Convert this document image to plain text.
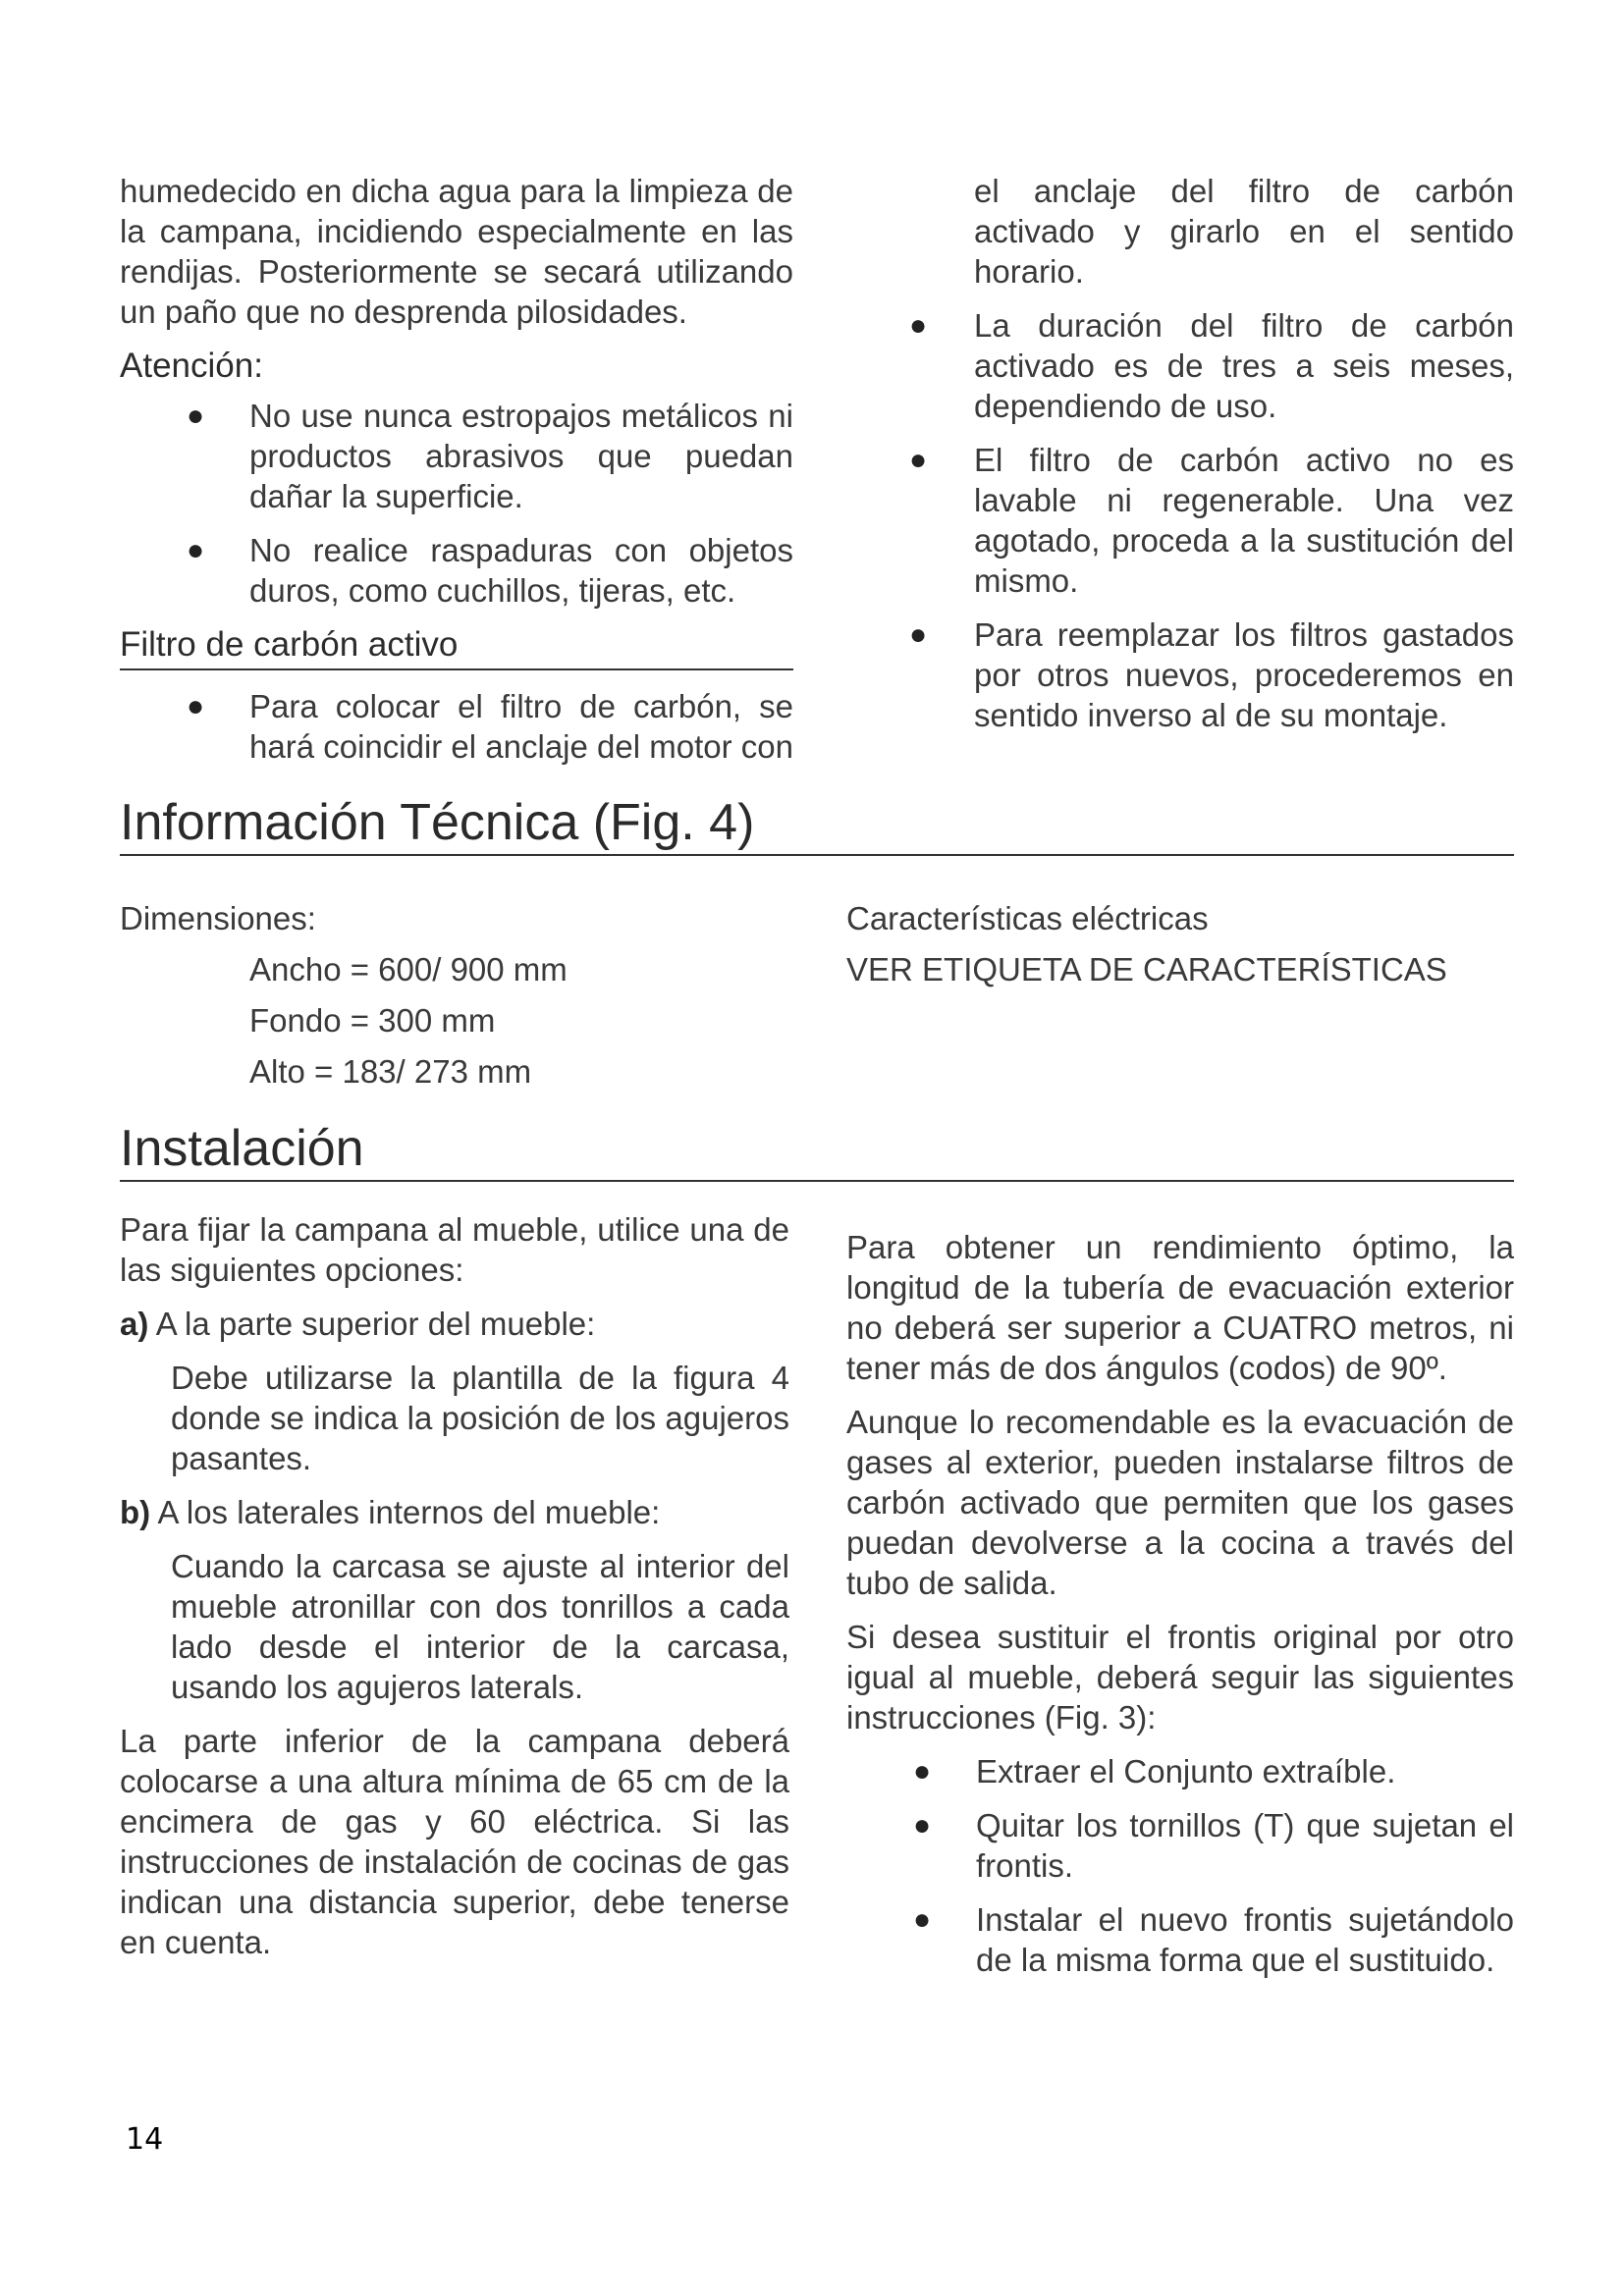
humedecido en dicha agua para la limpieza de la campana, incidiendo especialmente en las rendijas. Posteriormente se secará utilizando un paño que no desprenda pilosidades.

Atención:
● No use nunca estropajos metálicos ni productos abrasivos que puedan dañar la superficie.
● No realice raspaduras con objetos duros, como cuchillos, tijeras, etc.
Filtro de carbón activo
● Para colocar el filtro de carbón, se hará coincidir el anclaje del motor con

el anclaje del filtro de carbón activado y girarlo en el sentido horario.

● La duración del filtro de carbón activado es de tres a seis meses, dependiendo de uso.
● El filtro de carbón activo no es lavable ni regenerable. Una vez agotado, proceda a la sustitución del mismo.
● Para reemplazar los filtros gastados por otros nuevos, procederemos en sentido inverso al de su montaje.
Información Técnica (Fig. 4)
Dimensiones:
Ancho = 600/ 900 mm
Fondo = 300 mm
Alto = 183/ 273 mm
Características eléctricas
VER ETIQUETA DE CARACTERÍSTICAS
Instalación

Para fijar la campana al mueble, utilice una de las siguientes opciones:

a) A la parte superior del mueble:

Debe utilizarse la plantilla de la figura 4 donde se indica la posición de los agujeros pasantes.

b) A los laterales internos del mueble:

Cuando la carcasa se ajuste al interior del mueble atronillar con dos tonrillos a cada lado desde el interior de la carcasa, usando los agujeros laterals.

La parte inferior de la campana deberá colocarse a una altura mínima de 65 cm de la encimera de gas y 60 eléctrica. Si las instrucciones de instalación de cocinas de gas indican una distancia superior, debe tenerse en cuenta.

Para obtener un rendimiento óptimo, la longitud de la tubería de evacuación exterior no deberá ser superior a CUATRO metros, ni tener más de dos ángulos (codos) de 90º.

Aunque lo recomendable es la evacuación de gases al exterior, pueden instalarse filtros de carbón activado que permiten que los gases puedan devolverse a la cocina a través del tubo de salida.

Si desea sustituir el frontis original por otro igual al mueble, deberá seguir las siguientes instrucciones (Fig. 3):

● Extraer el Conjunto extraíble.
● Quitar los tornillos (T) que sujetan el frontis.
● Instalar el nuevo frontis sujetándolo de la misma forma que el sustituido.
14
